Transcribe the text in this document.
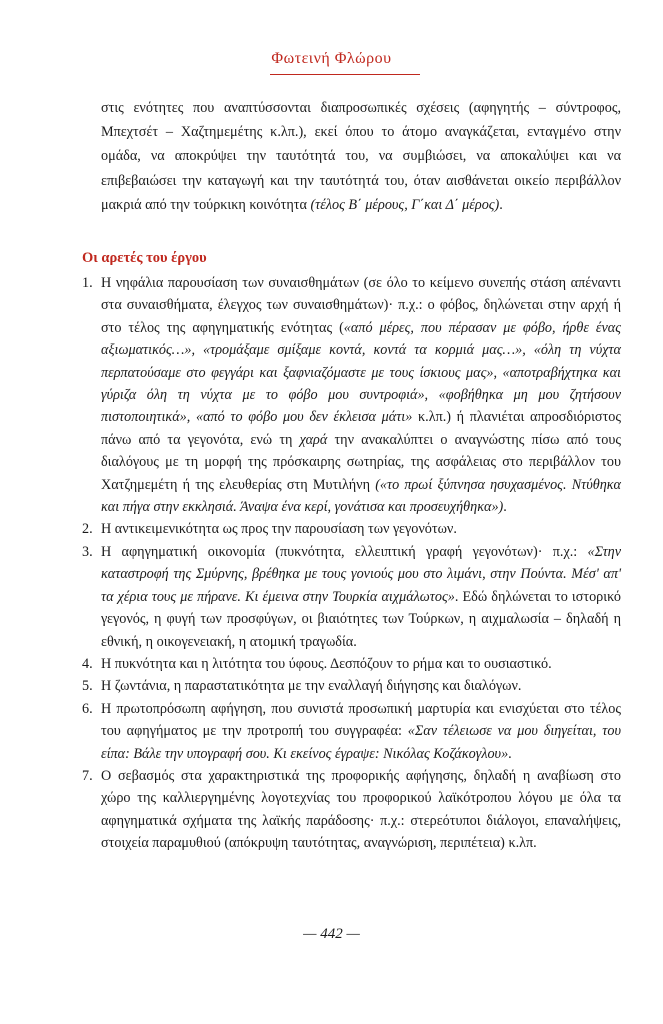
Φωτεινή Φλώρου

στις ενότητες που αναπτύσσονται διαπροσωπικές σχέσεις (αφηγητής – σύντροφος, Μπεχτσέτ – Χαζτημεμέτης κ.λπ.), εκεί όπου το άτομο αναγκάζεται, ενταγμένο στην ομάδα, να αποκρύψει την ταυτότητά του, να συμβιώσει, να αποκαλύψει και να επιβεβαιώσει την καταγωγή και την ταυτότητά του, όταν αισθάνεται οικείο περιβάλλον μακριά από την τούρκικη κοινότητα (τέλος Β΄ μέρους, Γ΄και Δ΄ μέρος).

Οι αρετές του έργου
1. Η νηφάλια παρουσίαση των συναισθημάτων (σε όλο το κείμενο συνεπής στάση απέναντι στα συναισθήματα, έλεγχος των συναισθημάτων)· π.χ.: ο φόβος, δηλώνεται στην αρχή ή στο τέλος της αφηγηματικής ενότητας («από μέρες, που πέρασαν με φόβο, ήρθε ένας αξιωματικός…», «τρομάξαμε σμίξαμε κοντά, κοντά τα κορμιά μας…», «όλη τη νύχτα περπατούσαμε στο φεγγάρι και ξαφνιαζόμαστε με τους ίσκιους μας», «αποτραβήχτηκα και γύριζα όλη τη νύχτα με το φόβο μου συντροφιά», «φοβήθηκα μη μου ζητήσουν πιστοποιητικά», «από το φόβο μου δεν έκλεισα μάτι» κ.λπ.) ή πλανιέται απροσδιόριστος πάνω από τα γεγονότα, ενώ τη χαρά την ανακαλύπτει ο αναγνώστης πίσω από τους διαλόγους με τη μορφή της πρόσκαιρης σωτηρίας, της ασφάλειας στο περιβάλλον του Χατζημεμέτη ή της ελευθερίας στη Μυτιλήνη («το πρωί ξύπνησα ησυχασμένος. Ντύθηκα και πήγα στην εκκλησιά. Άναψα ένα κερί, γονάτισα και προσευχήθηκα»).
2. Η αντικειμενικότητα ως προς την παρουσίαση των γεγονότων.
3. Η αφηγηματική οικονομία (πυκνότητα, ελλειπτική γραφή γεγονότων)· π.χ.: «Στην καταστροφή της Σμύρνης, βρέθηκα με τους γονιούς μου στο λιμάνι, στην Πούντα. Μέσ' απ' τα χέρια τους με πήρανε. Κι έμεινα στην Τουρκία αιχμάλωτος». Εδώ δηλώνεται το ιστορικό γεγονός, η φυγή των προσφύγων, οι βιαιότητες των Τούρκων, η αιχμαλωσία – δηλαδή η εθνική, η οικογενειακή, η ατομική τραγωδία.
4. Η πυκνότητα και η λιτότητα του ύφους. Δεσπόζουν το ρήμα και το ουσιαστικό.
5. Η ζωντάνια, η παραστατικότητα με την εναλλαγή διήγησης και διαλόγων.
6. Η πρωτοπρόσωπη αφήγηση, που συνιστά προσωπική μαρτυρία και ενισχύεται στο τέλος του αφηγήματος με την προτροπή του συγγραφέα: «Σαν τέλειωσε να μου διηγείται, του είπα: Βάλε την υπογραφή σου. Κι εκείνος έγραψε: Νικόλας Κοζάκογλου».
7. Ο σεβασμός στα χαρακτηριστικά της προφορικής αφήγησης, δηλαδή η αναβίωση στο χώρο της καλλιεργημένης λογοτεχνίας του προφορικού λαϊκότροπου λόγου με όλα τα αφηγηματικά σχήματα της λαϊκής παράδοσης· π.χ.: στερεότυποι διάλογοι, επαναλήψεις, στοιχεία παραμυθιού (απόκρυψη ταυτότητας, αναγνώριση, περιπέτεια) κ.λπ.
— 442 —
